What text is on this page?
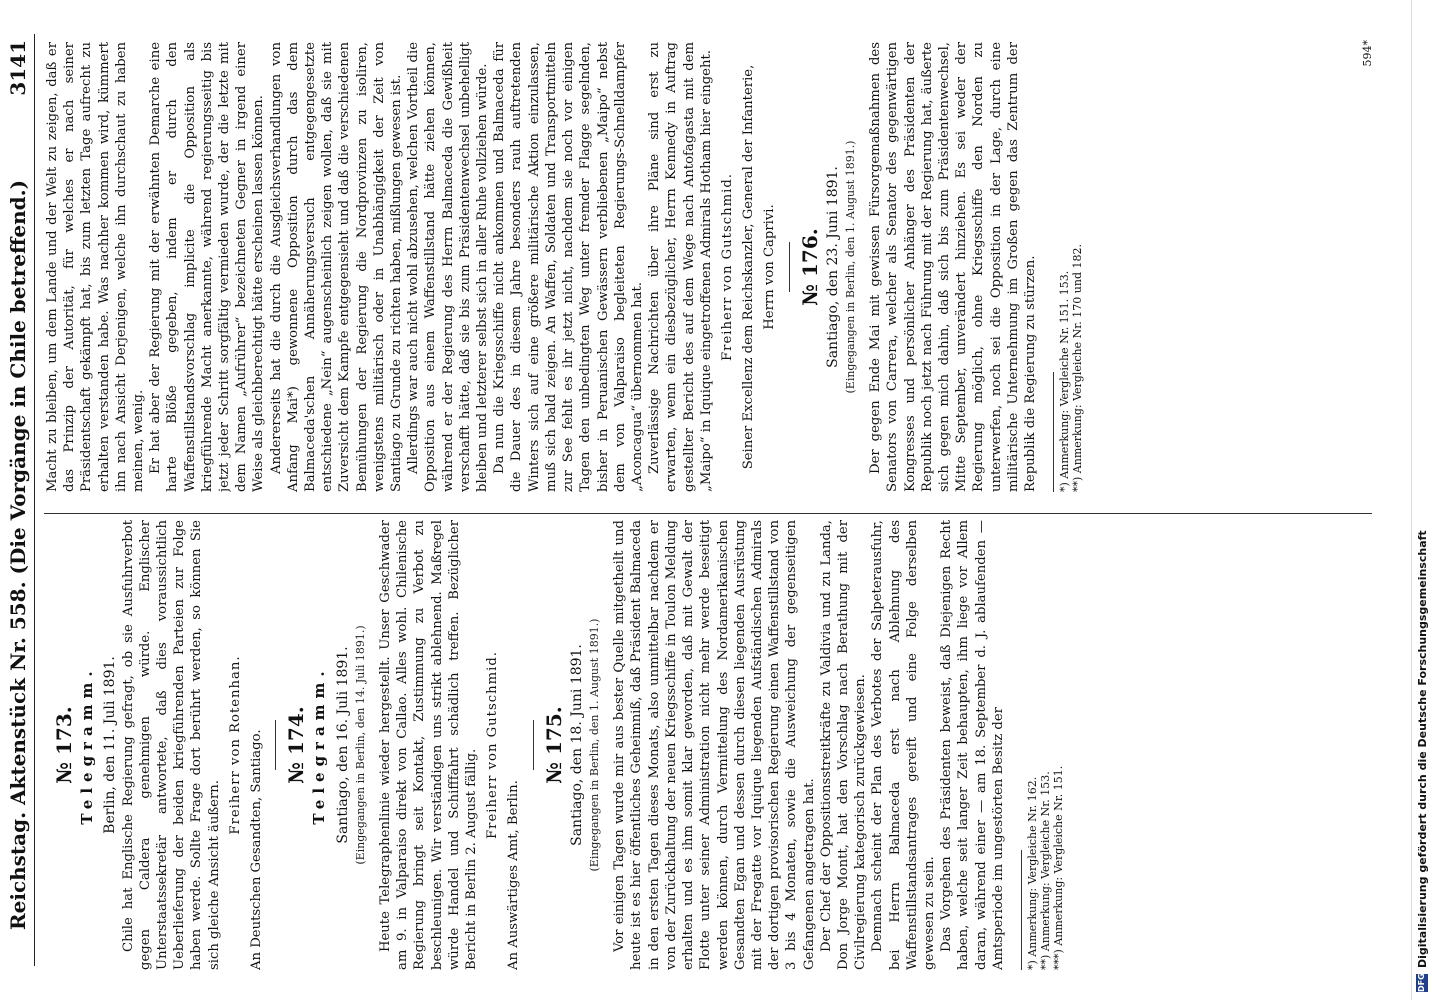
Reichstag. Aktenstück Nr. 558. (Die Vorgänge in Chile betreffend.)
3141
№ 173. Telegramm. Berlin, den 11. Juli 1891. Chile hat Englische Regierung gefragt, ob sie Ausfuhrverbot gegen Caldera genehmigen würde. Englischer Unterstaatssekretär antwortete, daß dies voraussichtlich Ueberlieferung der beiden kriegführenden Parteien zur Folge haben werde. Sollte Frage dort berührt werden, so können Sie sich gleiche Ansicht äußern.

Freiherr von Rotenhan. An Deutschen Gesandten, Santiago. № 174. Telegramm. Santiago, den 16. Juli 1891. (Eingegangen in Berlin, den 14. Juli 1891.) Heute Telegraphenlinie wieder hergestellt. Unser Geschwader am 9. in Valparaiso direkt von Callao. Alles wohl. Chilenische Regierung bringt seit Kontakt, Zustimmung zu Verbot zu beschleunigen. Wir verständigen uns strikt ablehnend. Maßregel würde Handel und Schifffahrt schädlich treffen. Bezüglicher Bericht in Berlin 2. August fällig.

Freiherr von Gutschmid.
An Auswärtiges Amt, Berlin.
№ 175. Santiago, den 18. Juni 1891. (Eingegangen in Berlin, den 1. August 1891.) Vor einigen Tagen wurde mir aus bester Quelle mitgetheilt und heute ist es hier öffentliches Geheimniß, daß Präsident Balmaceda in den ersten Tagen dieses Monats, also unmittelbar nachdem er von der Zurückhaltung der neuen Kriegsschiffe in Toulon Meldung erhalten und es ihm somit klar geworden, daß mit Gewalt der Flotte unter seiner Administration nicht mehr werde beseitigt werden können, durch Vermittelung des Nordamerikanischen Gesandten Egan und dessen durch diesen liegenden Ausrüstung mit der Fregatte vor Iquique liegenden Aufständischen Admirals der dortigen provisorischen Regierung einen Waffenstillstand von 3 bis 4 Monaten, sowie die Ausweichung der gegenseitigen Gefangenen angetragen hat. Der Chef der Oppositionsstreitkräfte zu Valdivia und zu Landa, Don Jorge Montt, hat den Vorschlag nach Berathung mit der Civilregierung kategorisch zurückgewiesen. Demnach scheint der Plan des Verbotes der Salpeterausfuhr, bei Herrn Balmaceda erst nach Ablehnung des Waffenstillstandsantrages gereift und eine Folge derselben gewesen zu sein. Das Vorgehen des Präsidenten beweist, daß Diejenigen Recht haben, welche seit langer Zeit behaupten, ihm liege vor Allem daran, während einer — am 18. September d. J. ablaufenden — Amtsperiode im ungestörten Besitz der *) Anmerkung: Vergleiche Nr. 162. **) Anmerkung: Vergleiche Nr. 153. ***) Anmerkung: Vergleiche Nr. 151.

Macht zu bleiben, um dem Lande und der Welt zu zeigen, daß er das Prinzip der Autorität, für welches er nach seiner Präsidentschaft gekämpft hat, bis zum letzten Tage aufrecht zu erhalten verstanden habe. Was nachher kommen wird, kümmert ihn nach Ansicht Derjenigen, welche ihn durchschaut zu haben meinen, wenig. Er hat aber der Regierung mit der erwähnten Demarche eine harte Blöße gegeben, indem er durch den Waffenstillstandsvorschlag implicite die Opposition als kriegführende Macht anerkannte, während regierungsseitig bis jetzt jeder Schritt sorgfältig vermieden wurde, der die letzte mit dem Namen „Aufrührer“ bezeichneten Gegner in irgend einer Weise als gleichberechtigt hätte erscheinen lassen können. Andererseits hat die durch die Ausgleichsverhandlungen von Anfang Mai*) gewonnene Opposition durch das dem Balmaceda'schen Annäherungsversuch entgegengesetzte entschiedene „Nein“ augenscheinlich zeigen wollen, daß sie mit Zuversicht dem Kampfe entgegensieht und daß die verschiedenen Bemühungen der Regierung die Nordprovinzen zu isoliren, wenigstens militärisch oder in Unabhängigkeit der Zeit von Santiago zu Grunde zu richten haben, mißlungen gewesen ist. Allerdings war auch nicht wohl abzusehen, welchen Vortheil die Opposition aus einem Waffenstillstand hätte ziehen können, während er der Regierung des Herrn Balmaceda die Gewißheit verschafft hätte, daß sie bis zum Präsidentenwechsel unbehelligt bleiben und letzterer selbst sich in aller Ruhe vollziehen würde. Da nun die Kriegsschiffe nicht ankommen und Balmaceda für die Dauer des in diesem Jahre besonders rauh auftretenden Winters sich auf eine größere militärische Aktion einzulassen, muß sich bald zeigen. An Waffen, Soldaten und Transportmitteln zur See fehlt es ihr jetzt nicht, nachdem sie noch vor einigen Tagen den unbedingten Weg unter fremder Flagge segelnden, bisher in Peruanischen Gewässern verbliebenen „Maipo“ nebst dem von Valparaiso begleiteten Regierungs-Schnelldampfer „Aconcagua“ übernommen hat. Zuverlässige Nachrichten über ihre Pläne sind erst zu erwarten, wenn ein diesbezüglicher, Herrn Kennedy in Auftrag gestellter Bericht des auf dem Wege nach Antofagasta mit dem „Maipo“ in Iquique eingetroffenen Admirals Hotham hier eingeht. Freiherr von Gutschmid. Seiner Excellenz dem Reichskanzler, General der Infanterie, Herrn von Caprivi. № 176. Santiago, den 23. Juni 1891. (Eingegangen in Berlin, den 1. August 1891.) Der gegen Ende Mai mit gewissen Fürsorgemaßnahmen des Senators von Carrera, welcher als Senator des gegenwärtigen Kongresses und persönlicher Anhänger des Präsidenten der Republik noch jetzt nach Führung mit der Regierung hat, äußerte sich gegen mich dahin, daß sich bis zum Präsidentenwechsel, Mitte September, unverändert hinziehen. Es sei weder der Regierung möglich, ohne Kriegsschiffe den Norden zu unterwerfen, noch sei die Opposition in der Lage, durch eine militärische Unternehmung im Großen gegen das Zentrum der Republik die Regierung zu stürzen. *) Anmerkung: Vergleiche Nr. 151. 153. **) Anmerkung: Vergleiche Nr. 170 und 182.

594*
DFG
Digitalisierung gefördert durch die Deutsche Forschungsgemeinschaft
